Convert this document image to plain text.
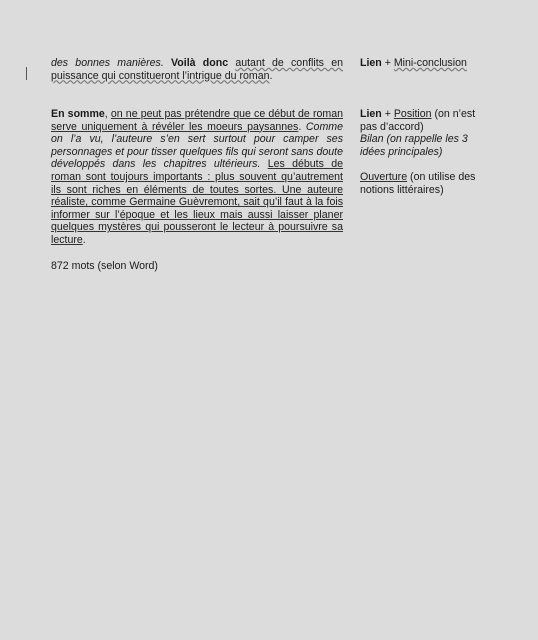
des bonnes manières. Voilà donc autant de conflits en puissance qui constitueront l’intrigue du roman.

Lien + Mini-conclusion

En somme, on ne peut pas prétendre que ce début de roman serve uniquement à révéler les moeurs paysannes. Comme on l’a vu, l’auteure s’en sert surtout pour camper ses personnages et pour tisser quelques fils qui seront sans doute développés dans les chapitres ultérieurs. Les débuts de roman sont toujours importants : plus souvent qu’autrement ils sont riches en éléments de toutes sortes. Une auteure réaliste, comme Germaine Guèvremont, sait qu’il faut à la fois informer sur l’époque et les lieux mais aussi laisser planer quelques mystères qui pousseront le lecteur à poursuivre sa lecture.

Lien + Position (on n’est pas d’accord)

Bilan (on rappelle les 3 idées principales)

Ouverture (on utilise des notions littéraires)

872 mots (selon Word)
